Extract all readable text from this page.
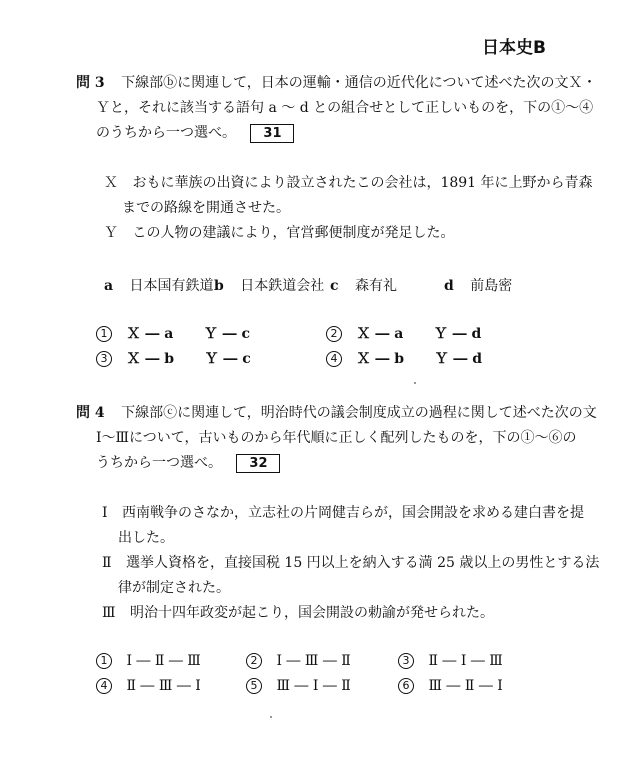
日本史B
問 3 下線部ⓑに関連して，日本の運輸・通信の近代化について述べた次の文Ｘ・
Ｙと，それに該当する語句 a ～ d との組合せとして正しいものを，下の①～④
のうちから一つ選べ。 31
Ｘ おもに華族の出資により設立されたこの会社は，1891 年に上野から青森
までの路線を開通させた。
Ｙ この人物の建議により，官営郵便制度が発足した。
a 日本国有鉄道 b 日本鉄道会社 c 森有礼	d 前島密
1 Ｘ ― a Ｙ ― c	2 Ｘ ― a Ｙ ― d
3 Ｘ ― b Ｙ ― c	4 Ｘ ― b Ｙ ― d
問 4 下線部ⓒに関連して，明治時代の議会制度成立の過程に関して述べた次の文
Ⅰ～Ⅲについて，古いものから年代順に正しく配列したものを，下の①～⑥の
うちから一つ選べ。 32
Ⅰ 西南戦争のさなか，立志社の片岡健吉らが，国会開設を求める建白書を提
出した。
Ⅱ 選挙人資格を，直接国税 15 円以上を納入する満 25 歳以上の男性とする法
律が制定された。
Ⅲ 明治十四年政変が起こり，国会開設の勅諭が発せられた。
1 Ⅰ ― Ⅱ ― Ⅲ	2 Ⅰ ― Ⅲ ― Ⅱ	3 Ⅱ ― Ⅰ ― Ⅲ
4 Ⅱ ― Ⅲ ― Ⅰ	5 Ⅲ ― Ⅰ ― Ⅱ	6 Ⅲ ― Ⅱ ― Ⅰ
